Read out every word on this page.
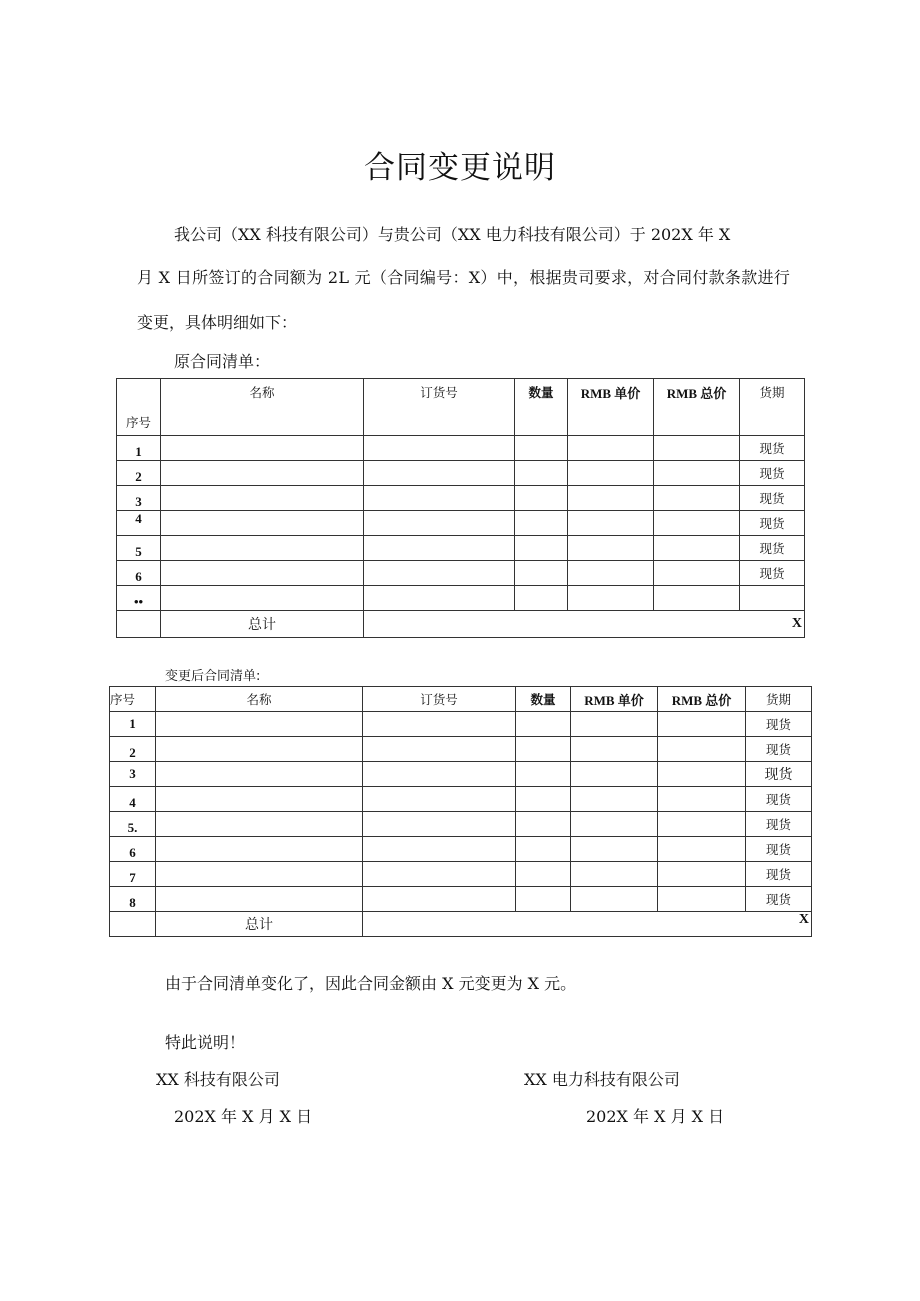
合同变更说明
我公司（XX 科技有限公司）与贵公司（XX 电力科技有限公司）于 202X 年 X
月 X 日所签订的合同额为 2L 元（合同编号：X）中，根据贵司要求，对合同付款条款进行
变更，具体明细如下：
原合同清单：
序号	名称	订货号	数量	RMB 单价	RMB 总价	货期
1						现货
2						现货
3						现货
4						现货
5						现货
6						现货
••						
	总计	X				
变更后合同清单:
序号	名称	订货号	数量	RMB 单价	RMB 总价	货期
1						现货
2						现货
3						现货
4						现货
5.						现货
6						现货
7						现货
8						现货
	总计	X				
由于合同清单变化了，因此合同金额由 X 元变更为 X 元。
特此说明！
XX 科技有限公司	XX 电力科技有限公司
202X 年 X 月 X 日	202X 年 X 月 X 日
